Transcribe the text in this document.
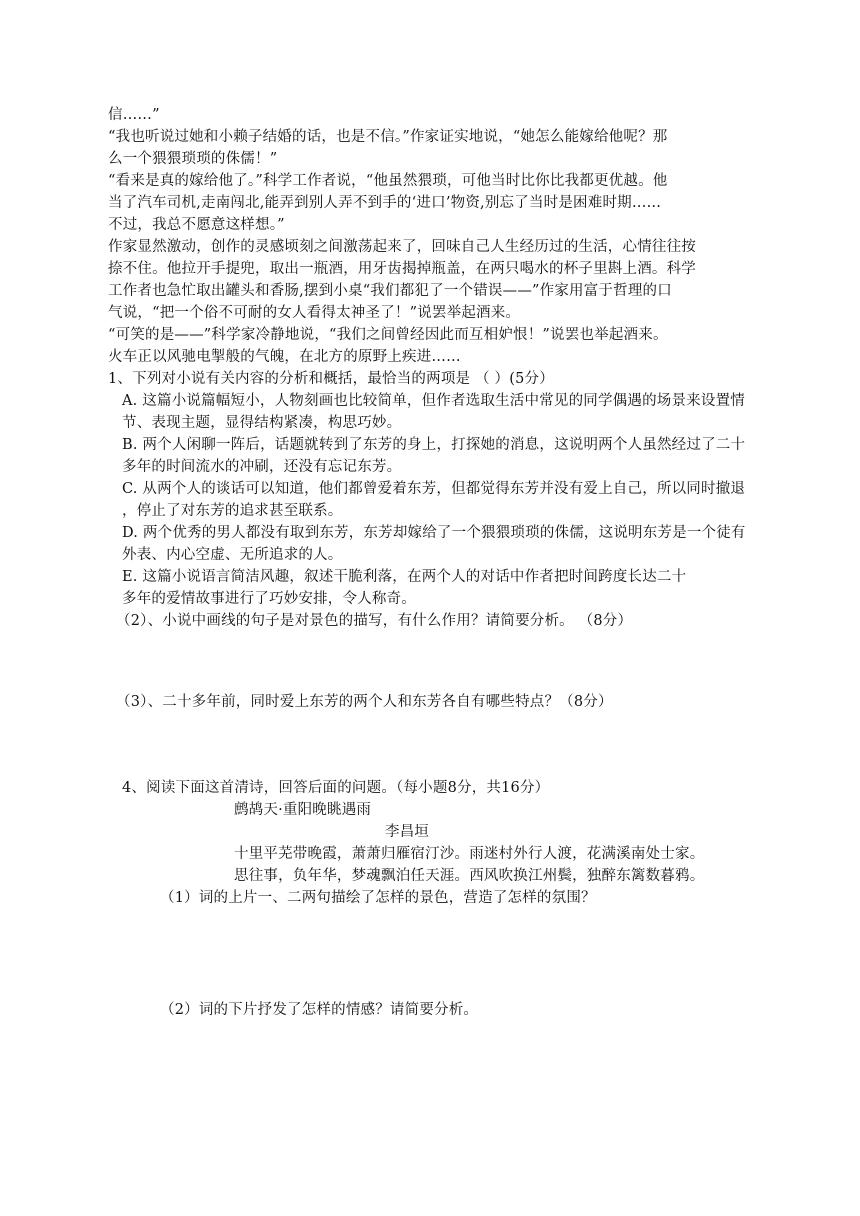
信……”
“我也听说过她和小赖子结婚的话，也是不信。”作家证实地说，“她怎么能嫁给他呢？那
么一个猥猥琐琐的侏儒！”
“看来是真的嫁给他了。”科学工作者说，“他虽然猥琐，可他当时比你比我都更优越。他
当了汽车司机,走南闯北,能弄到别人弄不到手的‘进口’物资,别忘了当时是困难时期……
不过，我总不愿意这样想。”
作家显然激动，创作的灵感顷刻之间激荡起来了，回味自己人生经历过的生活，心情往往按
捺不住。他拉开手提兜，取出一瓶酒，用牙齿揭掉瓶盖，在两只喝水的杯子里斟上酒。科学
工作者也急忙取出罐头和香肠,摆到小桌“我们都犯了一个错误——”作家用富于哲理的口
气说，“把一个俗不可耐的女人看得太神圣了！”说罢举起酒来。
“可笑的是——”科学家冷静地说，“我们之间曾经因此而互相妒恨！”说罢也举起酒来。
火车正以风驰电掣般的气魄，在北方的原野上疾进……
1、下列对小说有关内容的分析和概括，最恰当的两项是 （ ）(5分）
A. 这篇小说篇幅短小，人物刻画也比较简单，但作者选取生活中常见的同学偶遇的场景来设置情
节、表现主题，显得结构紧凑，构思巧妙。
B. 两个人闲聊一阵后，话题就转到了东芳的身上，打探她的消息，这说明两个人虽然经过了二十
多年的时间流水的冲刷，还没有忘记东芳。
C. 从两个人的谈话可以知道，他们都曾爱着东芳，但都觉得东芳并没有爱上自己，所以同时撤退
，停止了对东芳的追求甚至联系。
D. 两个优秀的男人都没有取到东芳，东芳却嫁给了一个猥猥琐琐的侏儒，这说明东芳是一个徒有
外表、内心空虚、无所追求的人。
E. 这篇小说语言简洁风趣，叙述干脆利落，在两个人的对话中作者把时间跨度长达二十
多年的爱情故事进行了巧妙安排，令人称奇。
（2）、小说中画线的句子是对景色的描写，有什么作用？请简要分析。 （8分）
（3）、二十多年前，同时爱上东芳的两个人和东芳各自有哪些特点？（8分）
4、阅读下面这首清诗，回答后面的问题。（每小题8分，共16分）
鹧鸪天·重阳晚眺遇雨
李昌垣
十里平芜带晚霞，萧萧归雁宿汀沙。雨迷村外行人渡，花满溪南处士家。
思往事，负年华，梦魂飘泊任天涯。西风吹换江州鬓，独醉东篱数暮鸦。
（1）词的上片一、二两句描绘了怎样的景色，营造了怎样的氛围？
（2）词的下片抒发了怎样的情感？请简要分析。
